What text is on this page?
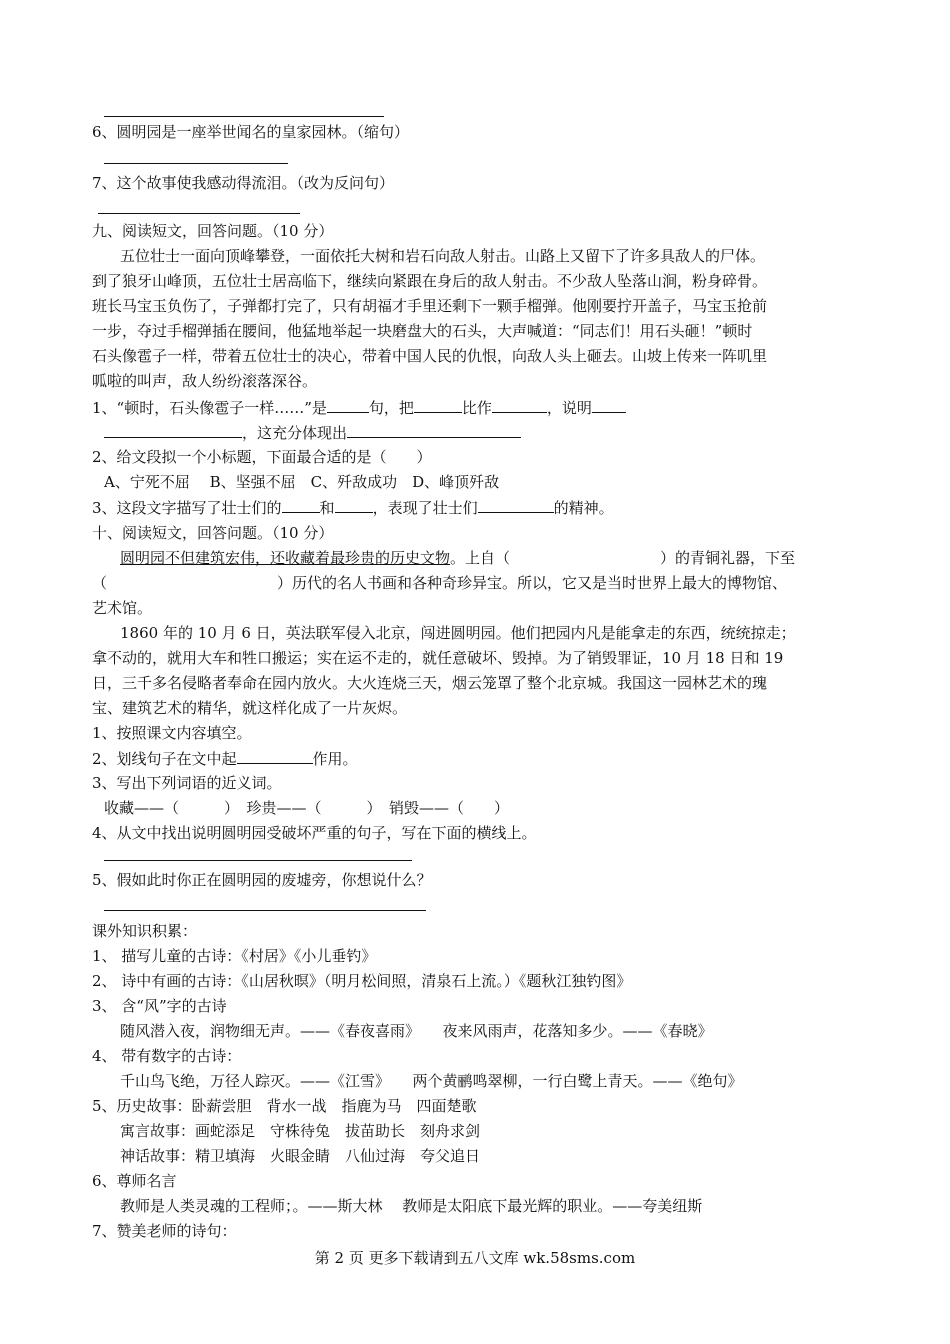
6、圆明园是一座举世闻名的皇家园林。（缩句）
7、这个故事使我感动得流泪。（改为反问句）
九、阅读短文，回答问题。（10 分）
五位壮士一面向顶峰攀登，一面依托大树和岩石向敌人射击。山路上又留下了许多具敌人的尸体。
到了狼牙山峰顶，五位壮士居高临下，继续向紧跟在身后的敌人射击。不少敌人坠落山涧，粉身碎骨。
班长马宝玉负伤了，子弹都打完了，只有胡福才手里还剩下一颗手榴弹。他刚要拧开盖子，马宝玉抢前
一步，夺过手榴弹插在腰间，他猛地举起一块磨盘大的石头，大声喊道：“同志们！用石头砸！”顿时
石头像雹子一样，带着五位壮士的决心，带着中国人民的仇恨，向敌人头上砸去。山坡上传来一阵叽里
呱啦的叫声，敌人纷纷滚落深谷。
1、“顿时，石头像雹子一样……”是	句，把	比作	，说明
，这充分体现出
2、给文段拟一个小标题，下面最合适的是（　　）
A、宁死不屈　 B、坚强不屈　C、歼敌成功　D、峰顶歼敌
3、这段文字描写了壮士们的	和	，表现了壮士们	的精神。
十、阅读短文，回答问题。（10 分）
圆明园不但建筑宏伟，还收藏着最珍贵的历史文物。上自（	）的青铜礼器，下至
（	）历代的名人书画和各种奇珍异宝。所以，它又是当时世界上最大的博物馆、
艺术馆。
1860 年的 10 月 6 日，英法联军侵入北京，闯进圆明园。他们把园内凡是能拿走的东西，统统掠走；
拿不动的，就用大车和牲口搬运；实在运不走的，就任意破坏、毁掉。为了销毁罪证，10 月 18 日和 19
日，三千多名侵略者奉命在园内放火。大火连烧三天，烟云笼罩了整个北京城。我国这一园林艺术的瑰
宝、建筑艺术的精华，就这样化成了一片灰烬。
1、按照课文内容填空。
2、划线句子在文中起	作用。
3、写出下列词语的近义词。
收藏——（　　　）　珍贵——（　　　）　销毁——（　　）
4、从文中找出说明圆明园受破坏严重的句子，写在下面的横线上。
5、假如此时你正在圆明园的废墟旁，你想说什么？
课外知识积累：
1、 描写儿童的古诗：《村居》《小儿垂钓》
2、 诗中有画的古诗：《山居秋暝》（明月松间照，清泉石上流。）《题秋江独钓图》
3、 含“风”字的古诗
随风潜入夜，润物细无声。——《春夜喜雨》　　夜来风雨声，花落知多少。——《春晓》
4、 带有数字的古诗：
千山鸟飞绝，万径人踪灭。——《江雪》　　两个黄鹂鸣翠柳，一行白鹭上青天。——《绝句》
5、历史故事：卧薪尝胆　背水一战　指鹿为马　四面楚歌
寓言故事：画蛇添足　守株待兔　拔苗助长　刻舟求剑
神话故事：精卫填海　火眼金睛　八仙过海　夸父追日
6、尊师名言
教师是人类灵魂的工程师；。——斯大林　 教师是太阳底下最光辉的职业。——夸美纽斯
7、赞美老师的诗句：
第 2 页 更多下载请到五八文库 wk.58sms.com
